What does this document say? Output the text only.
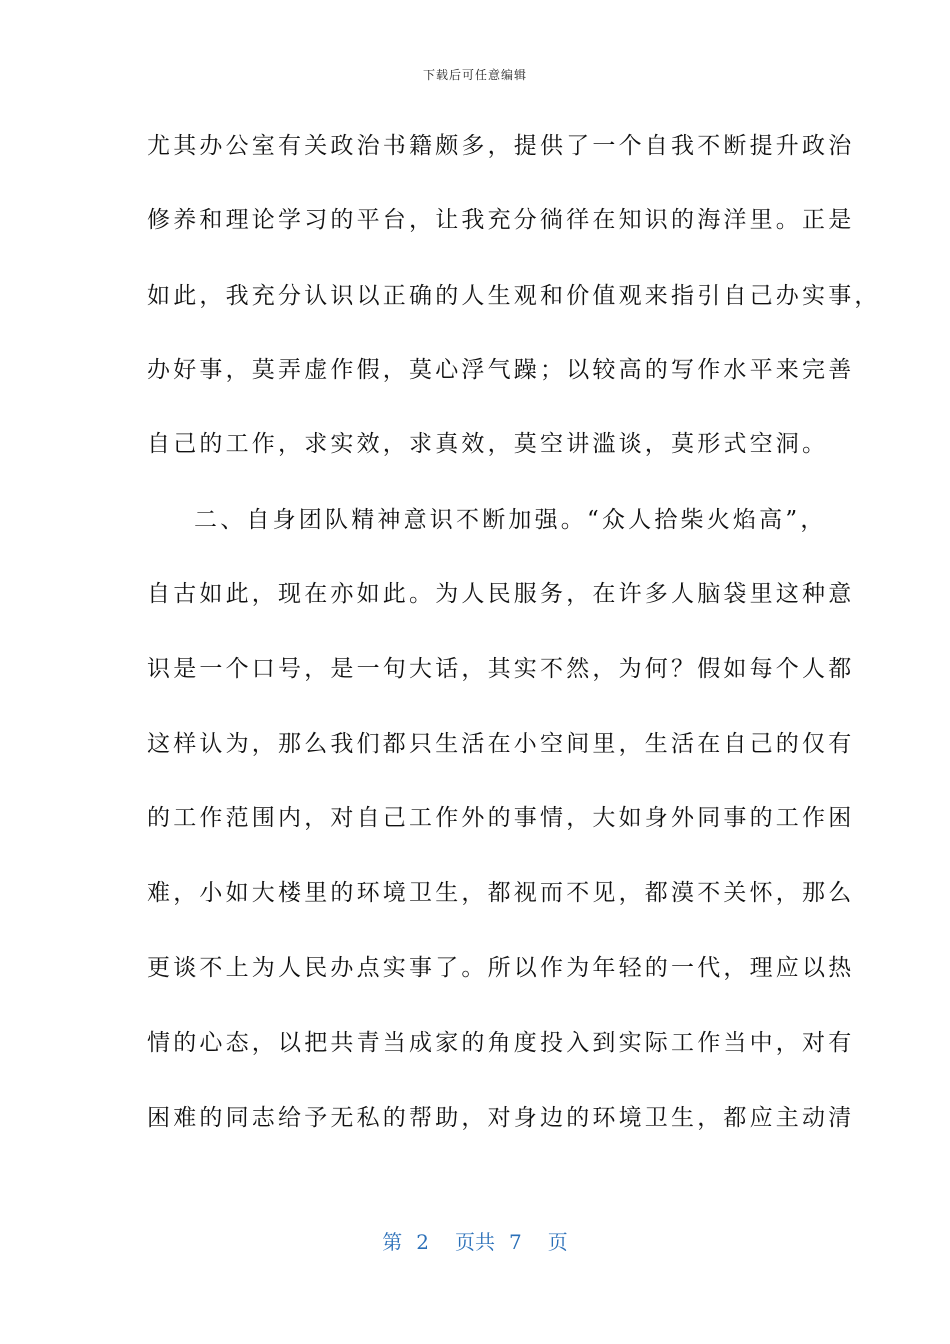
下载后可任意编辑
尤其办公室有关政治书籍颇多，提供了一个自我不断提升政治
修养和理论学习的平台，让我充分徜徉在知识的海洋里。正是
如此，我充分认识以正确的人生观和价值观来指引自己办实事，
办好事，莫弄虚作假，莫心浮气躁；以较高的写作水平来完善
自己的工作，求实效，求真效，莫空讲滥谈，莫形式空洞。
二、自身团队精神意识不断加强。“众人拾柴火焰高”，
自古如此，现在亦如此。为人民服务，在许多人脑袋里这种意
识是一个口号，是一句大话，其实不然，为何？假如每个人都
这样认为，那么我们都只生活在小空间里，生活在自己的仅有
的工作范围内，对自己工作外的事情，大如身外同事的工作困
难，小如大楼里的环境卫生，都视而不见，都漠不关怀，那么
更谈不上为人民办点实事了。所以作为年轻的一代，理应以热
情的心态，以把共青当成家的角度投入到实际工作当中，对有
困难的同志给予无私的帮助，对身边的环境卫生，都应主动清
第 2 页共 7 页
